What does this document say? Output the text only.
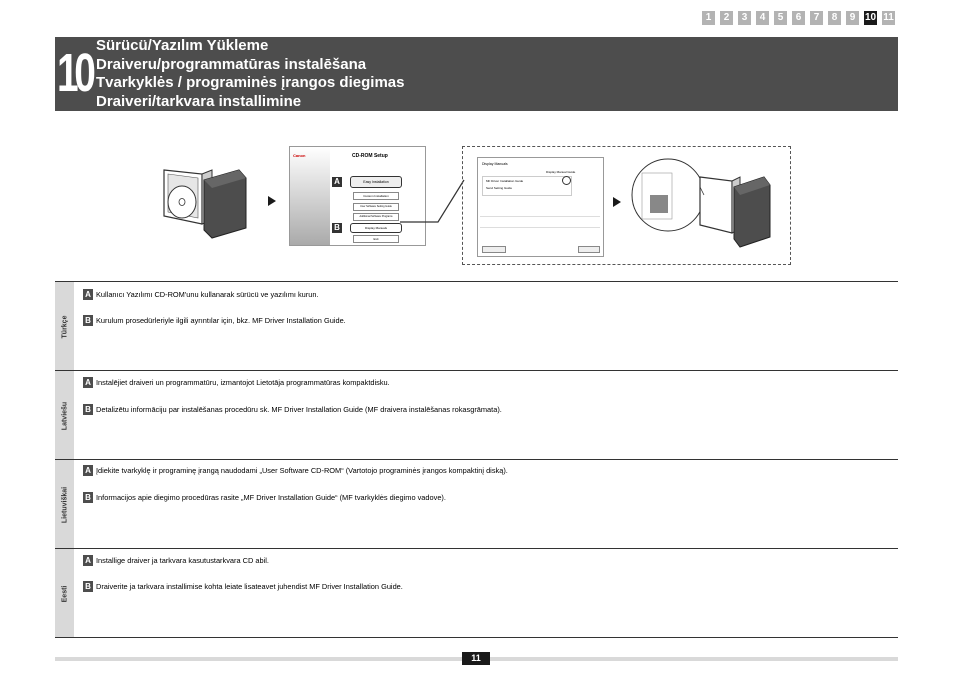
1	2	3	4	5	6	7	8	9 10 11
10 Sürücü/Yazılım Yükleme
Draiveru/programmatūras instalēšana
Tvarkyklės / programinės įrangos diegimas
Draiveri/tarkvara installimine
Canon	CD-ROM Setup
Easy Installation
Custom Installation
User Software Setting Guide
Additional Software Programs
Display Manuals
Exit
A
B
Display Manuals
Display Manual Guide
MF Driver Installation Guide
Send Setting Guide
Türkçe
A Kullanıcı Yazılımı CD-ROM'unu kullanarak sürücü ve yazılımı kurun.
B Kurulum prosedürleriyle ilgili ayrıntılar için, bkz. MF Driver Installation Guide.
Latviešu
A Instalējiet draiveri un programmatūru, izmantojot Lietotāja programmatūras kompaktdisku.
B Detalizētu informāciju par instalēšanas procedūru sk. MF Driver Installation Guide (MF draivera instalēšanas rokasgrāmata).
Lietuviškai
A Įdiekite tvarkyklę ir programinę įrangą naudodami „User Software CD-ROM“ (Vartotojo programinės įrangos kompaktinį diską).
B Informacijos apie diegimo procedūras rasite „MF Driver Installation Guide“ (MF tvarkyklės diegimo vadove).
Eesti
A Installige draiver ja tarkvara kasutustarkvara CD abil.
B Draiverite ja tarkvara installimise kohta leiate lisateavet juhendist MF Driver Installation Guide.
11
